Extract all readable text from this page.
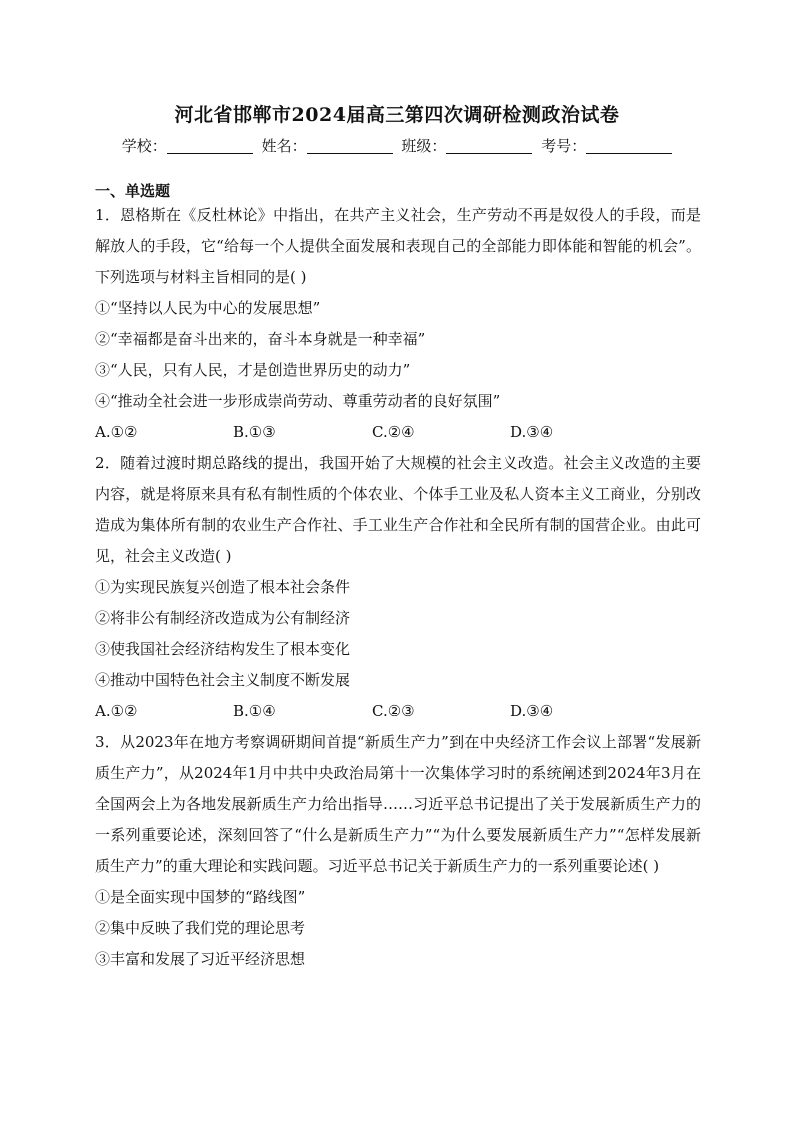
河北省邯郸市2024届高三第四次调研检测政治试卷
学校：	姓名：	班级：	考号：
一、单选题
1．恩格斯在《反杜林论》中指出，在共产主义社会，生产劳动不再是奴役人的手段，而是解放人的手段，它“给每一个人提供全面发展和表现自己的全部能力即体能和智能的机会”。下列选项与材料主旨相同的是( )
①“坚持以人民为中心的发展思想”
②“幸福都是奋斗出来的，奋斗本身就是一种幸福”
③“人民，只有人民，才是创造世界历史的动力”
④“推动全社会进一步形成崇尚劳动、尊重劳动者的良好氛围”
A.①②	B.①③	C.②④	D.③④
2．随着过渡时期总路线的提出，我国开始了大规模的社会主义改造。社会主义改造的主要内容，就是将原来具有私有制性质的个体农业、个体手工业及私人资本主义工商业，分别改造成为集体所有制的农业生产合作社、手工业生产合作社和全民所有制的国营企业。由此可见，社会主义改造( )
①为实现民族复兴创造了根本社会条件
②将非公有制经济改造成为公有制经济
③使我国社会经济结构发生了根本变化
④推动中国特色社会主义制度不断发展
A.①②	B.①④	C.②③	D.③④
3．从2023年在地方考察调研期间首提“新质生产力”到在中央经济工作会议上部署“发展新质生产力”，从2024年1月中共中央政治局第十一次集体学习时的系统阐述到2024年3月在全国两会上为各地发展新质生产力给出指导……习近平总书记提出了关于发展新质生产力的一系列重要论述，深刻回答了“什么是新质生产力”“为什么要发展新质生产力”“怎样发展新质生产力”的重大理论和实践问题。习近平总书记关于新质生产力的一系列重要论述( )
①是全面实现中国梦的“路线图”
②集中反映了我们党的理论思考
③丰富和发展了习近平经济思想
